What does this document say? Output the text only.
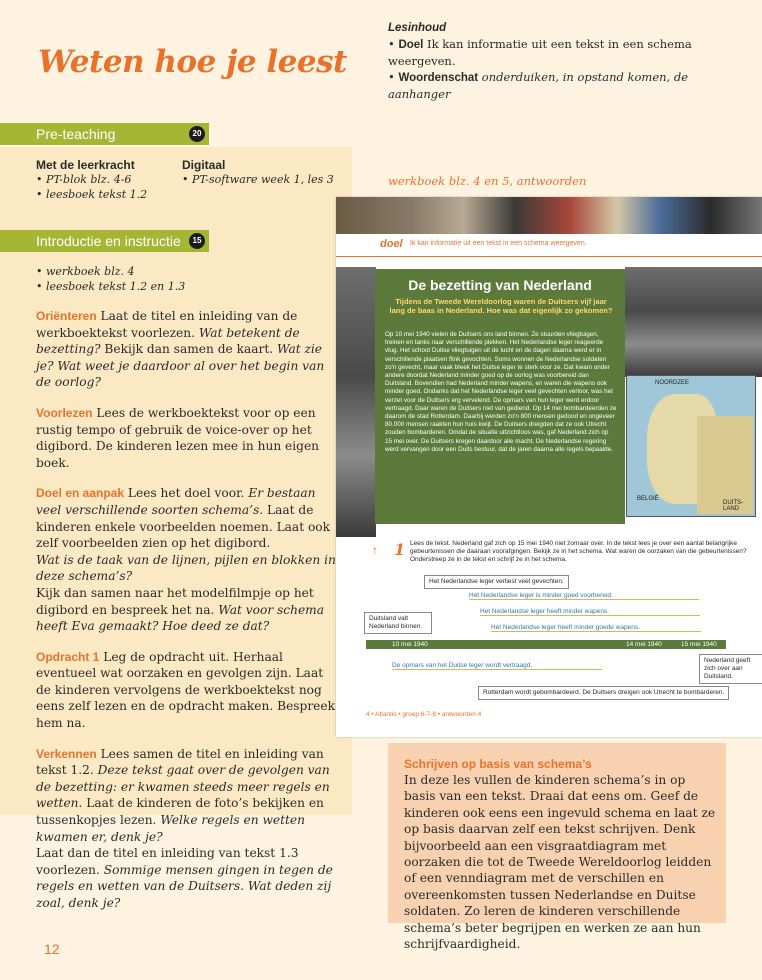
Weten hoe je leest
Pre-teaching	20
Met de leerkracht
• PT-blok blz. 4-6
• leesboek tekst 1.2
Digitaal
• PT-software week 1, les 3
Introductie en instructie	15

• werkboek blz. 4
• leesboek tekst 1.2 en 1.3

Oriënteren Laat de titel en inleiding van de werkboektekst voorlezen. Wat betekent de bezetting? Bekijk dan samen de kaart. Wat zie je? Wat weet je daardoor al over het begin van de oorlog?

Voorlezen Lees de werkboektekst voor op een rustig tempo of gebruik de voice-over op het digibord. De kinderen lezen mee in hun eigen boek.

Doel en aanpak Lees het doel voor. Er bestaan veel verschillende soorten schema’s. Laat de kinderen enkele voorbeelden noemen. Laat ook zelf voorbeelden zien op het digibord.
Wat is de taak van de lijnen, pijlen en blokken in deze schema’s?
Kijk dan samen naar het modelfilmpje op het digibord en bespreek het na. Wat voor schema heeft Eva gemaakt? Hoe deed ze dat?

Opdracht 1 Leg de opdracht uit. Herhaal eventueel wat oorzaken en gevolgen zijn. Laat de kinderen vervolgens de werkboektekst nog eens zelf lezen en de opdracht maken. Bespreek hem na.

Verkennen Lees samen de titel en inleiding van tekst 1.2. Deze tekst gaat over de gevolgen van de bezetting: er kwamen steeds meer regels en wetten. Laat de kinderen de foto’s bekijken en tussenkopjes lezen. Welke regels en wetten kwamen er, denk je?
Laat dan de titel en inleiding van tekst 1.3 voorlezen. Sommige mensen gingen in tegen de regels en wetten van de Duitsers. Wat deden zij zoal, denk je?

12
Lesinhoud
• Doel Ik kan informatie uit een tekst in een schema weergeven.
• Woordenschat onderduiken, in opstand komen, de aanhanger
werkboek blz. 4 en 5, antwoorden
doel Ik kan informatie uit een tekst in een schema weergeven.
De bezetting van Nederland
Tijdens de Tweede Wereldoorlog waren de Duitsers vijf jaar lang de baas in Nederland. Hoe was dat eigenlijk zo gekomen?
Op 10 mei 1940 vielen de Duitsers ons land binnen. Ze stuurden vliegtuigen, treinen en tanks naar verschillende plekken. Het Nederlandse leger reageerde vlug. Het schoot Duitse vliegtuigen uit de lucht en de dagen daarna werd er in verschillende plaatsen flink gevochten. Soms wonnen de Nederlandse soldaten zo'n gevecht, maar vaak bleek het Duitse leger te sterk voor ze. Dat kwam onder andere doordat Nederland minder goed op de oorlog was voorbereid dan Duitsland. Bovendien had Nederland minder wapens, en waren die wapens ook minder goed. Ondanks dat het Nederlandse leger veel gevechten verloor, was het verzet voor de Duitsers erg vervelend. De opmars van hun leger werd erdoor vertraagd. Daar waren de Duitsers niet van gediend. Op 14 mei bombardeerden ze daarom de stad Rotterdam. Daarbij werden zo'n 800 mensen gedood en ongeveer 80.000 mensen raakten hun huis kwijt. De Duitsers dreigden dat ze ook Utrecht zouden bombarderen. Omdat de situatie uitzichtloos was, gaf Nederland zich op 15 mei over. De Duitsers kregen daardoor alle macht. De Nederlandse regering werd vervangen door een Duits bestuur, dat de jaren daarna alle regels bepaalde.
NOORDZEE
BELGIË
DUITS- LAND
↑ 1 Lees de tekst. Nederland gaf zich op 15 mei 1940 niet zomaar over. In de tekst lees je over een aantal belangrijke gebeurtenissen die daaraan voorafgingen. Bekijk ze in het schema. Wat waren de oorzaken van die gebeurtenissen? Onderstreep ze in de tekst en schrijf ze in het schema.
Het Nederlandse leger verliest veel gevechten.
Het Nederlandse leger is minder goed voorbereid.
Het Nederlandse leger heeft minder wapens.
Het Nederlandse leger heeft minder goede wapens.
Duitsland valt Nederland binnen.
10 mei 1940	14 mei 1940	15 mei 1940
De opmars van het Duitse leger wordt vertraagd.
Nederland geeft zich over aan Duitsland.
Rotterdam wordt gebombardeerd. De Duitsers dreigen ook Utrecht te bombarderen.
4 • Atlantis • groep 6-7-8 • antwoorden 4
Schrijven op basis van schema’s
In deze les vullen de kinderen schema’s in op basis van een tekst. Draai dat eens om. Geef de kinderen ook eens een ingevuld schema en laat ze op basis daarvan zelf een tekst schrijven. Denk bijvoorbeeld aan een visgraatdiagram met oorzaken die tot de Tweede Wereldoorlog leidden of een venndiagram met de verschillen en overeenkomsten tussen Nederlandse en Duitse soldaten. Zo leren de kinderen verschillende schema’s beter begrijpen en werken ze aan hun schrijfvaardigheid.
